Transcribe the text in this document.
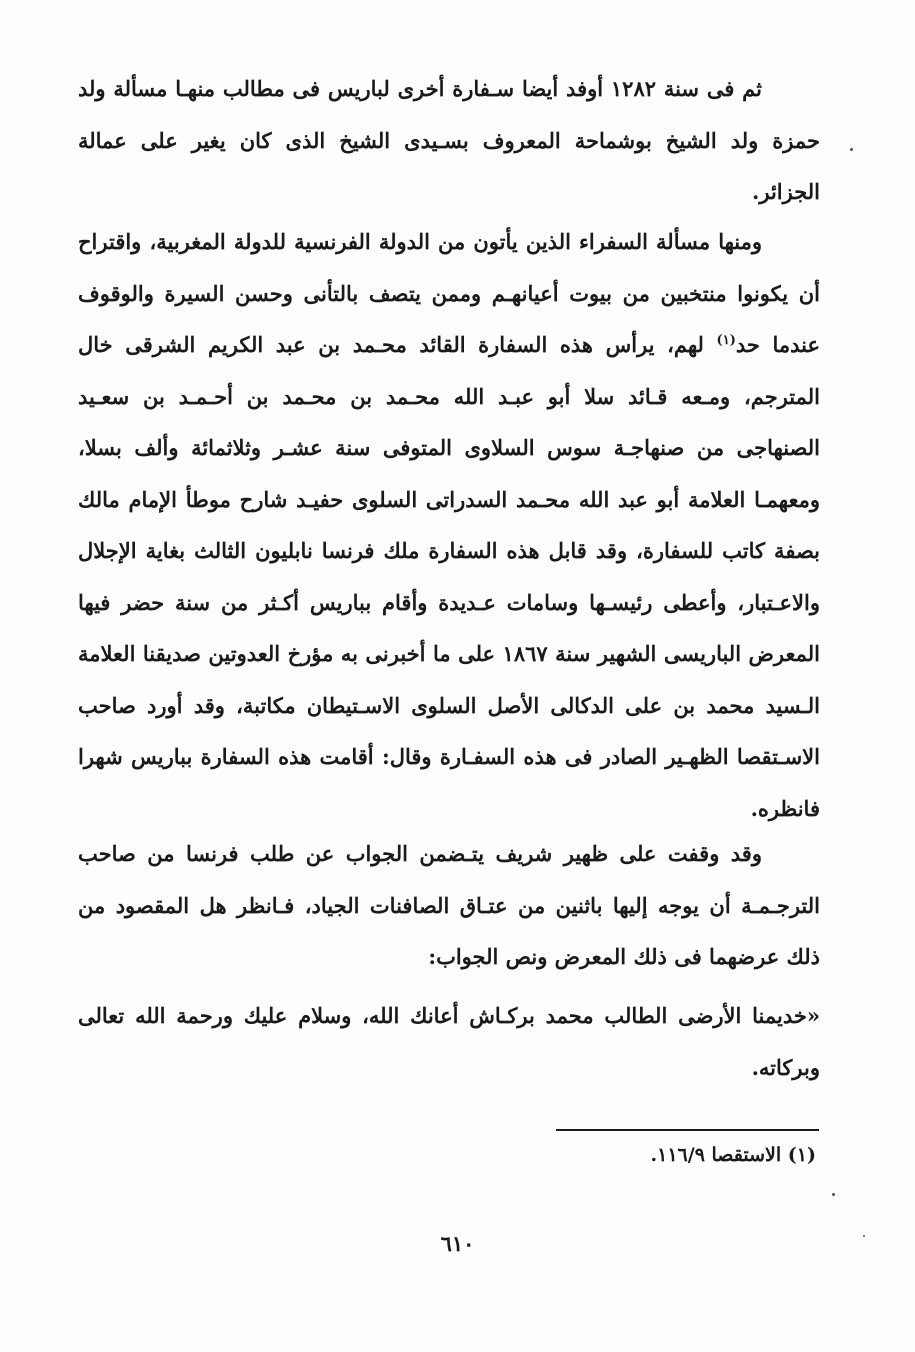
ثم فى سنة ١٢٨٢ أوفد أيضا سـفارة أخرى لباريس فى مطالب منهـا مسألة ولد حمزة ولد الشيخ بوشماحة المعروف بسـيدى الشيخ الذى كان يغير على عمالة الجزائر.

ومنها مسألة السفراء الذين يأتون من الدولة الفرنسية للدولة المغربية، واقتراح أن يكونوا منتخبين من بيوت أعيانهـم وممن يتصف بالتأنى وحسن السيرة والوقوف عندما حد$^{(١)}$ لهم، يرأس هذه السفارة القائد محـمد بن عبد الكريم الشرقى خال المترجم، ومـعه قـائد سلا أبو عبـد الله محـمد بن محـمد بن أحـمـد بن سعـيد الصنهاجى من صنهاجـة سوس السلاوى المتوفى سنة عشـر وثلاثمائة وألف بسلا، ومعهمـا العلامة أبو عبد الله محـمد السدراتى السلوى حفيـد شارح موطأ الإمام مالك بصفة كاتب للسفارة، وقد قابل هذه السفارة ملك فرنسا نابليون الثالث بغاية الإجلال والاعـتبار، وأعطى رئيسـها وسامات عـديدة وأقام بباريس أكـثر من سنة حضر فيها المعرض الباريسى الشهير سنة ١٨٦٧ على ما أخبرنى به مؤرخ العدوتين صديقنا العلامة الـسيد محمد بن على الدكالى الأصل السلوى الاسـتيطان مكاتبة، وقد أورد صاحب الاسـتقصا الظهـير الصادر فى هذه السفـارة وقال: أقامت هذه السفارة بباريس شهرا فانظره.

وقد وقفت على ظهير شريف يتـضمن الجواب عن طلب فرنسا من صاحب الترجـمـة أن يوجه إليها باثنين من عتـاق الصافنات الجياد، فـانظر هل المقصود من ذلك عرضهما فى ذلك المعرض ونص الجواب:

«خديمنا الأرضى الطالب محمد بركـاش أعانك الله، وسلام عليك ورحمة الله تعالى وبركاته.

(١) الاستقصا ١١٦/٩.
٦١٠
